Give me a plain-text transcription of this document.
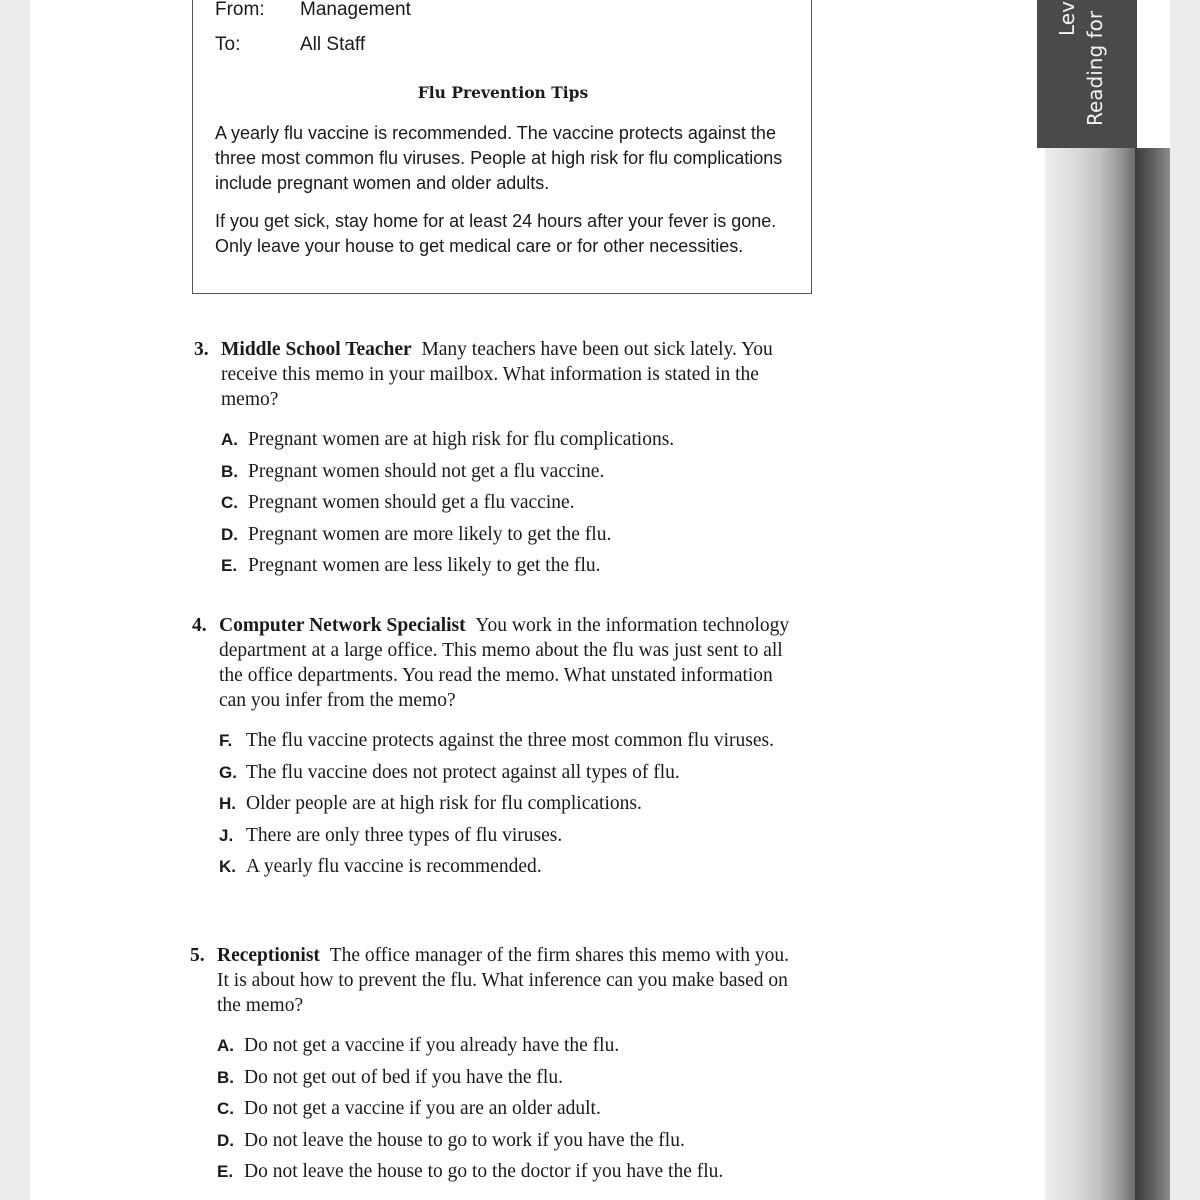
From: Management
To:	All Staff
Flu Prevention Tips

A yearly flu vaccine is recommended. The vaccine protects against the three most common flu viruses. People at high risk for flu complications include pregnant women and older adults.

If you get sick, stay home for at least 24 hours after your fever is gone. Only leave your house to get medical care or for other necessities.

3. Middle School Teacher Many teachers have been out sick lately. You receive this memo in your mailbox. What information is stated in the memo?
A. Pregnant women are at high risk for flu complications.
B. Pregnant women should not get a flu vaccine.
C. Pregnant women should get a flu vaccine.
D. Pregnant women are more likely to get the flu.
E. Pregnant women are less likely to get the flu.
4. Computer Network Specialist You work in the information technology department at a large office. This memo about the flu was just sent to all the office departments. You read the memo. What unstated information can you infer from the memo?
F. The flu vaccine protects against the three most common flu viruses.
G. The flu vaccine does not protect against all types of flu.
H. Older people are at high risk for flu complications.
J. There are only three types of flu viruses.
K. A yearly flu vaccine is recommended.
5. Receptionist The office manager of the firm shares this memo with you. It is about how to prevent the flu. What inference can you make based on the memo?
A. Do not get a vaccine if you already have the flu.
B. Do not get out of bed if you have the flu.
C. Do not get a vaccine if you are an older adult.
D. Do not leave the house to go to work if you have the flu.
E. Do not leave the house to go to the doctor if you have the flu.
Lev Reading for
